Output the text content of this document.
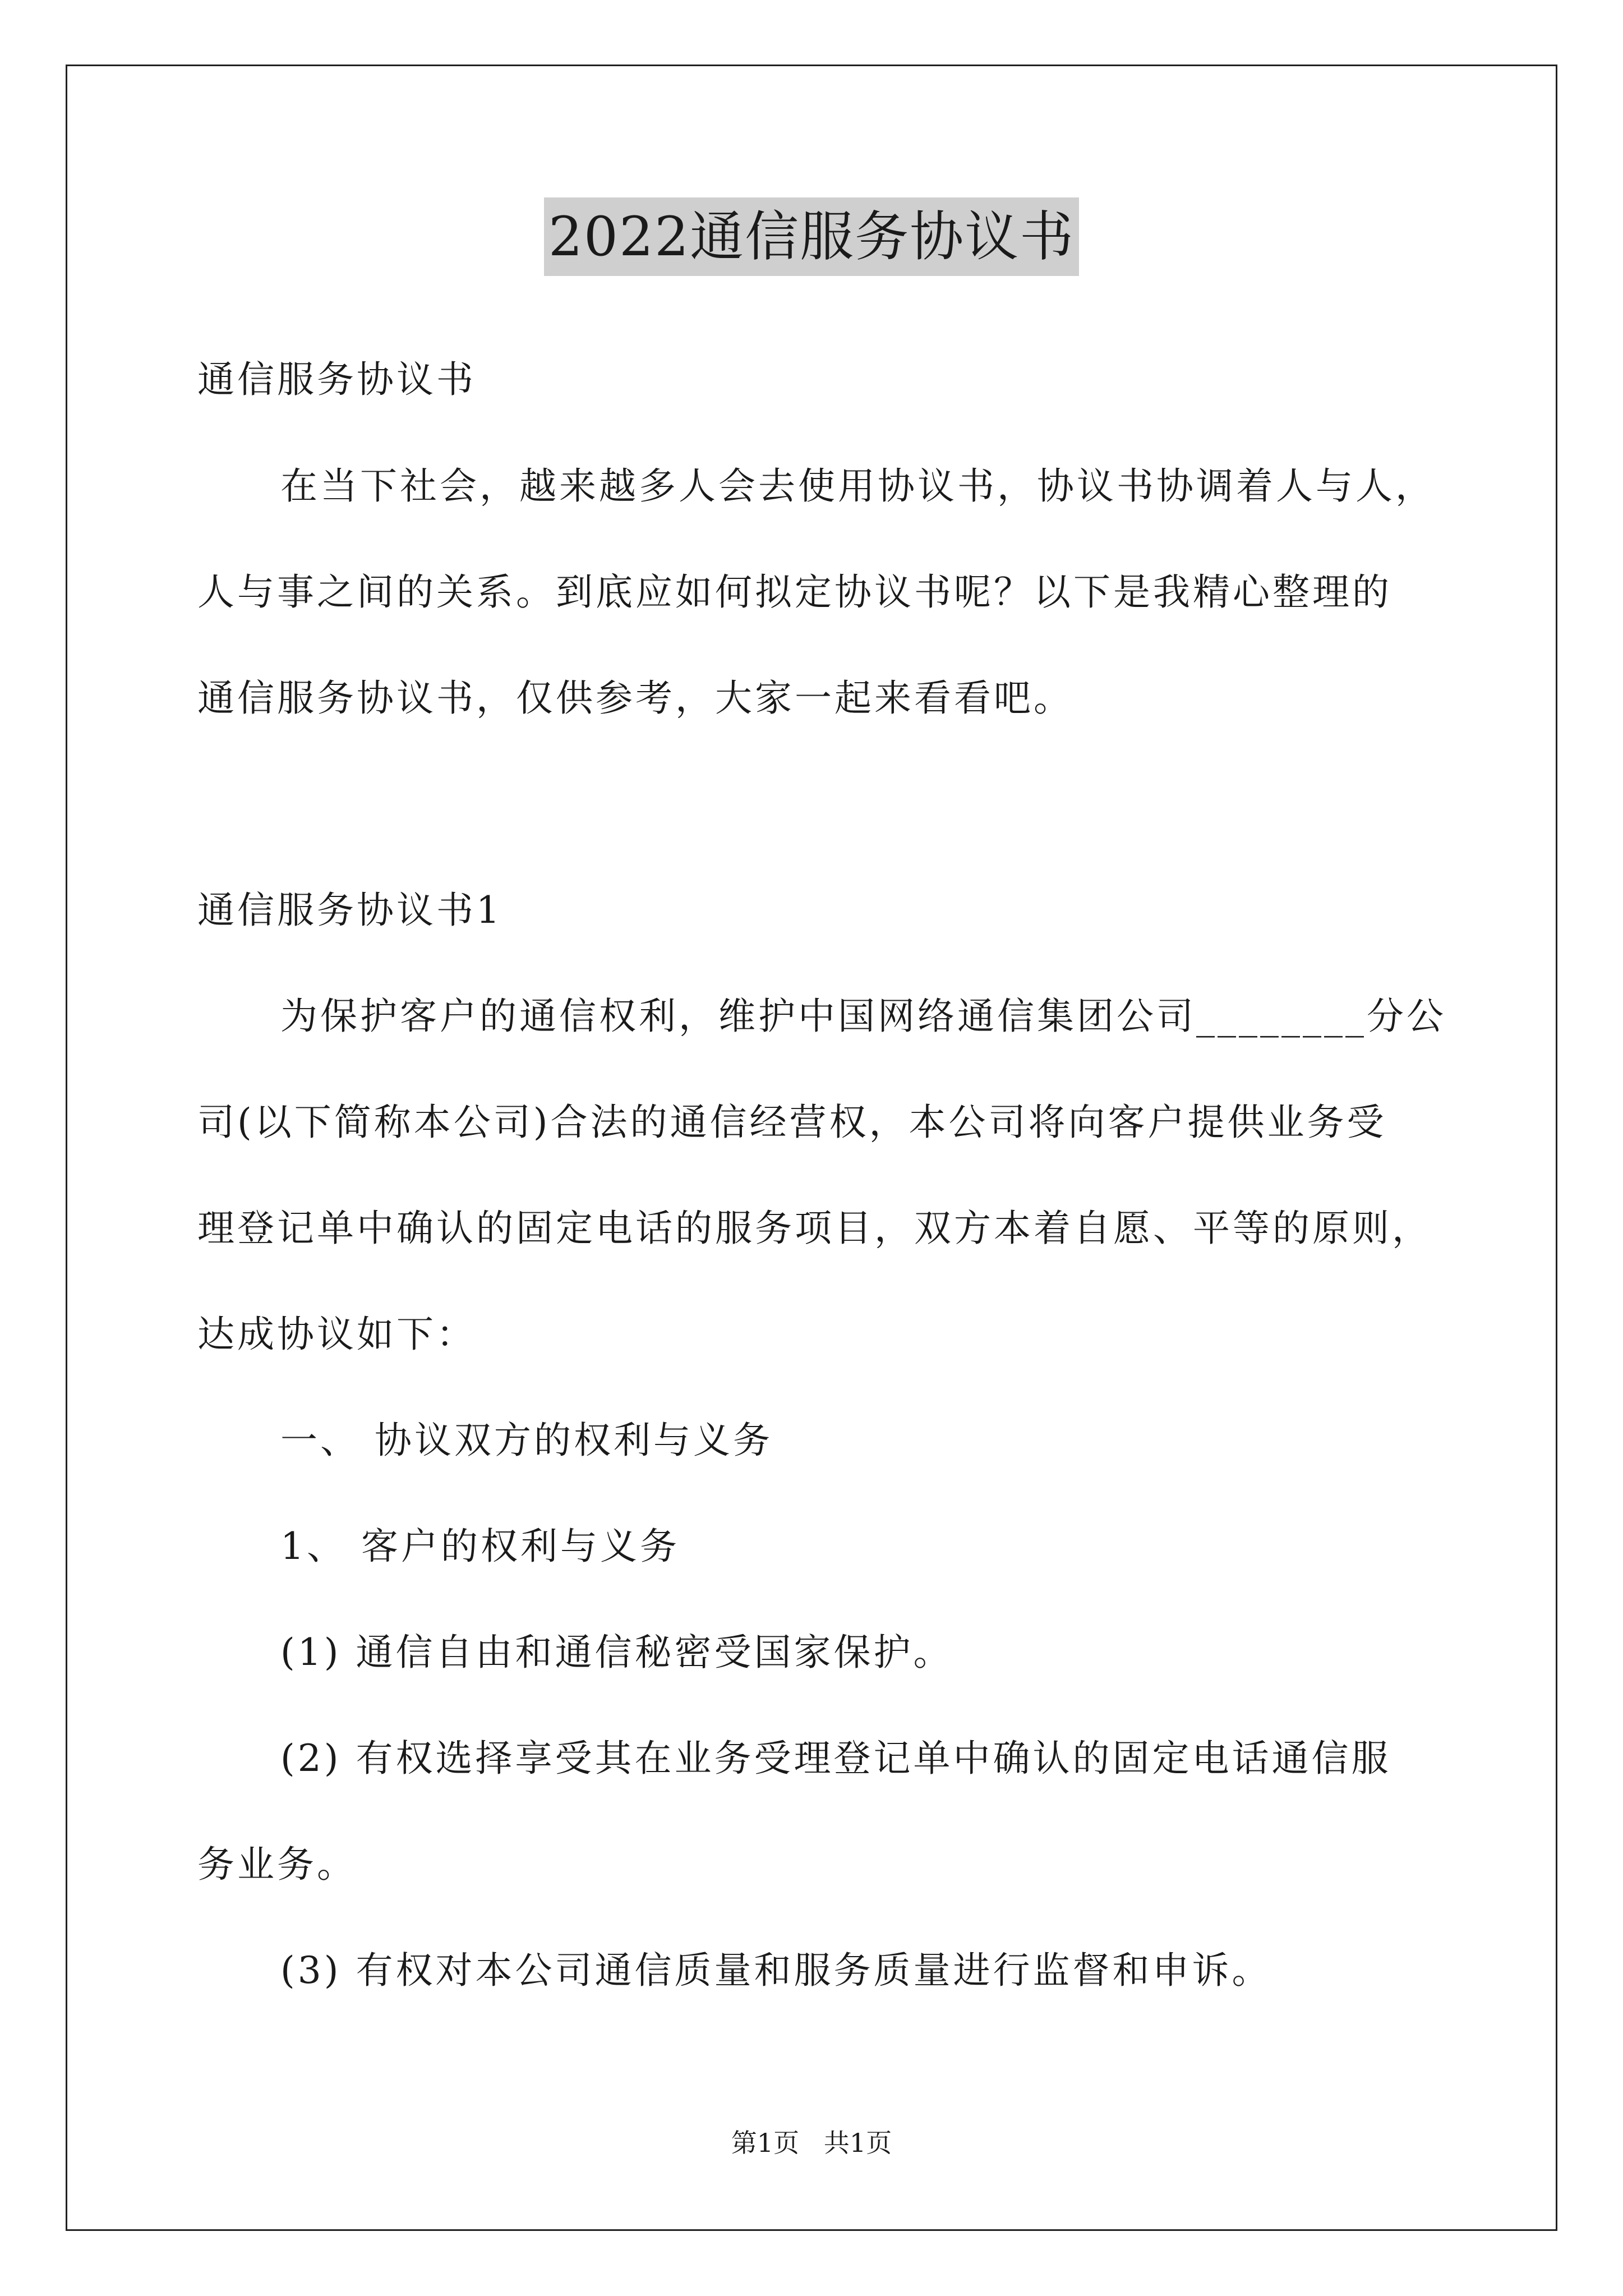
2022通信服务协议书
通信服务协议书
在当下社会，越来越多人会去使用协议书，协议书协调着人与人，
人与事之间的关系。到底应如何拟定协议书呢？以下是我精心整理的
通信服务协议书，仅供参考，大家一起来看看吧。
通信服务协议书1
为保护客户的通信权利，维护中国网络通信集团公司________分公
司(以下简称本公司)合法的通信经营权，本公司将向客户提供业务受
理登记单中确认的固定电话的服务项目，双方本着自愿、平等的原则，
达成协议如下：
一、 协议双方的权利与义务
1、 客户的权利与义务
(1) 通信自由和通信秘密受国家保护。
(2) 有权选择享受其在业务受理登记单中确认的固定电话通信服
务业务。
(3) 有权对本公司通信质量和服务质量进行监督和申诉。
第1页   共1页
